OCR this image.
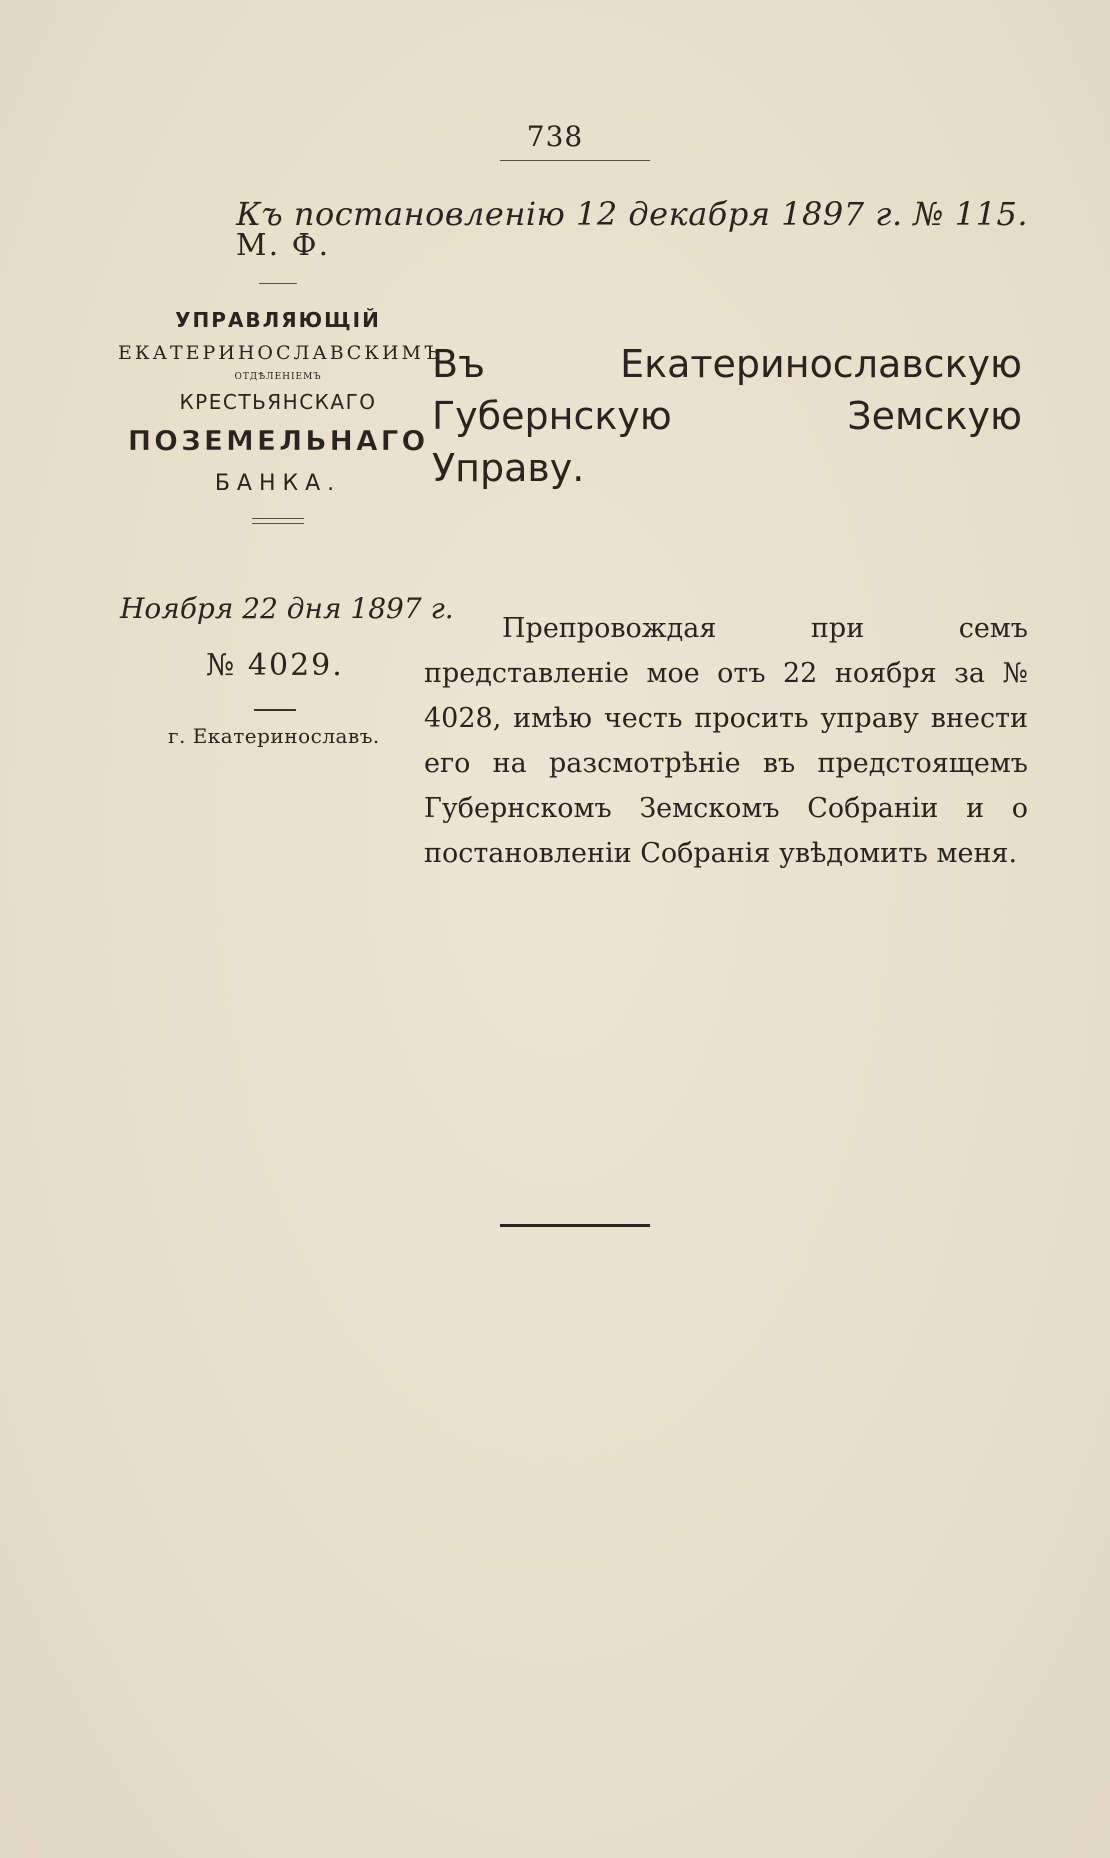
738
Къ постановленію 12 декабря 1897 г. № 115.
М. Ф.
УПРАВЛЯЮЩІЙ
ЕКАТЕРИНОСЛАВСКИМЪ
ОТДѢЛЕНІЕМЪ
КРЕСТЬЯНСКАГО
ПОЗЕМЕЛЬНАГО
БАНКА.
Ноября 22 дня 1897 г.
№ 4029.
г. Екатеринославъ.
Въ Екатеринославскую Губернскую Земскую Управу.
Препровождая при семъ представленіе мое отъ 22 ноября за № 4028, имѣю честь просить управу внести его на разсмотрѣніе въ предстоящемъ Губернскомъ Земскомъ Собраніи и о постановленіи Собранія увѣдомить меня.
